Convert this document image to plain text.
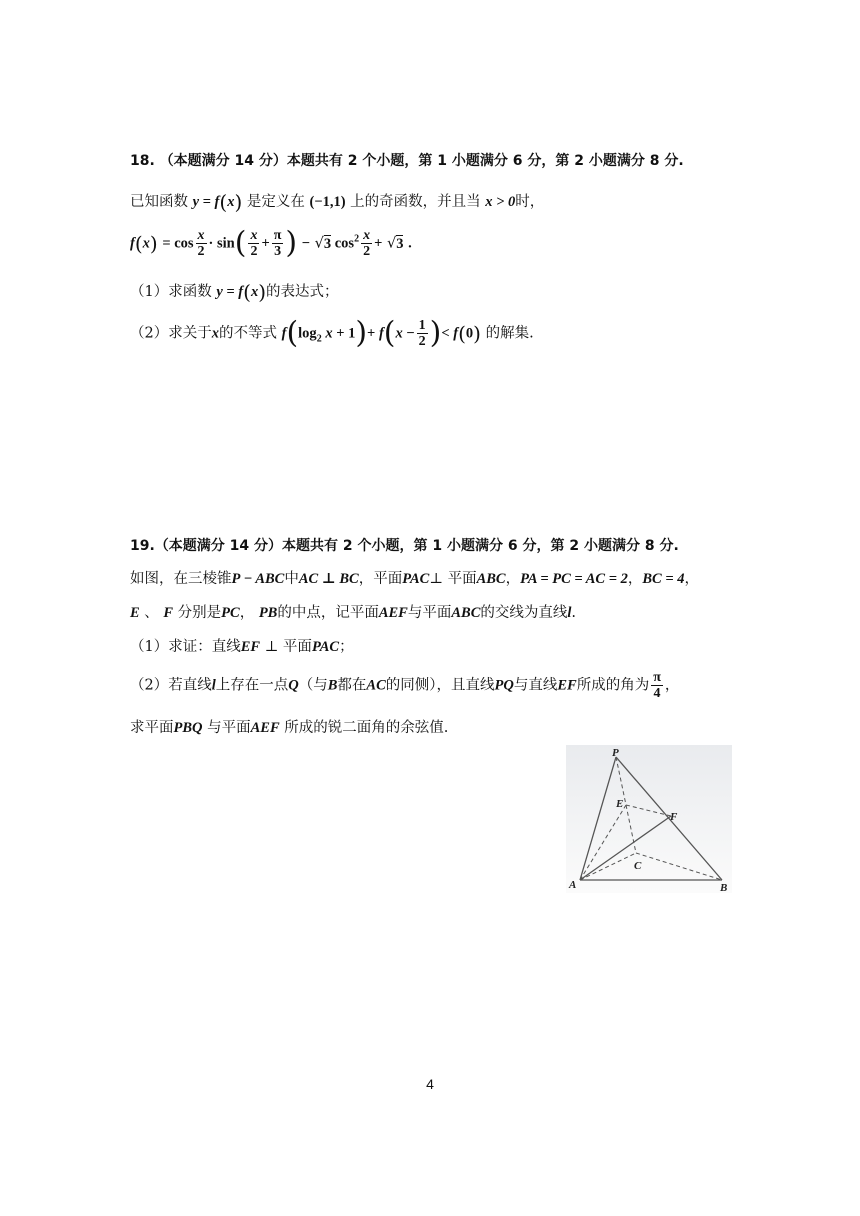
18. （本题满分 14 分）本题共有 2 个小题，第 1 小题满分 6 分，第 2 小题满分 8 分.
已知函数 y = f(x) 是定义在 (−1,1) 上的奇函数，并且当 x > 0时，
$f(x) = \cos \frac{x}{2} \cdot \sin( \frac{x}{2} + \frac{\pi}{3}$ ) − √3 $\cos^2 \frac{x}{2} + √3$ .
（1）求函数 y = f(x)的表达式；
（2）求关于x的不等式 $f(\log_2$ $x + 1)+ f(x - \frac{1}{2}$ )< f(0) 的解集.
19.（本题满分 14 分）本题共有 2 个小题，第 1 小题满分 6 分，第 2 小题满分 8 分.
如图，在三棱锥P − ABC中AC ⊥ BC，平面PAC⊥ 平面ABC，PA = PC = AC = 2，BC = 4，
E 、 F 分别是PC， PB的中点，记平面AEF与平面ABC的交线为直线l.
（1）求证：直线EF ⊥ 平面PAC；
（2）若直线l上存在一点Q（与B都在AC的同侧），且直线PQ与直线EF所成的角为 $\frac{\pi}{4}$ ，
求平面PBQ 与平面AEF 所成的锐二面角的余弦值.
P
E
F
C
A	B
4
